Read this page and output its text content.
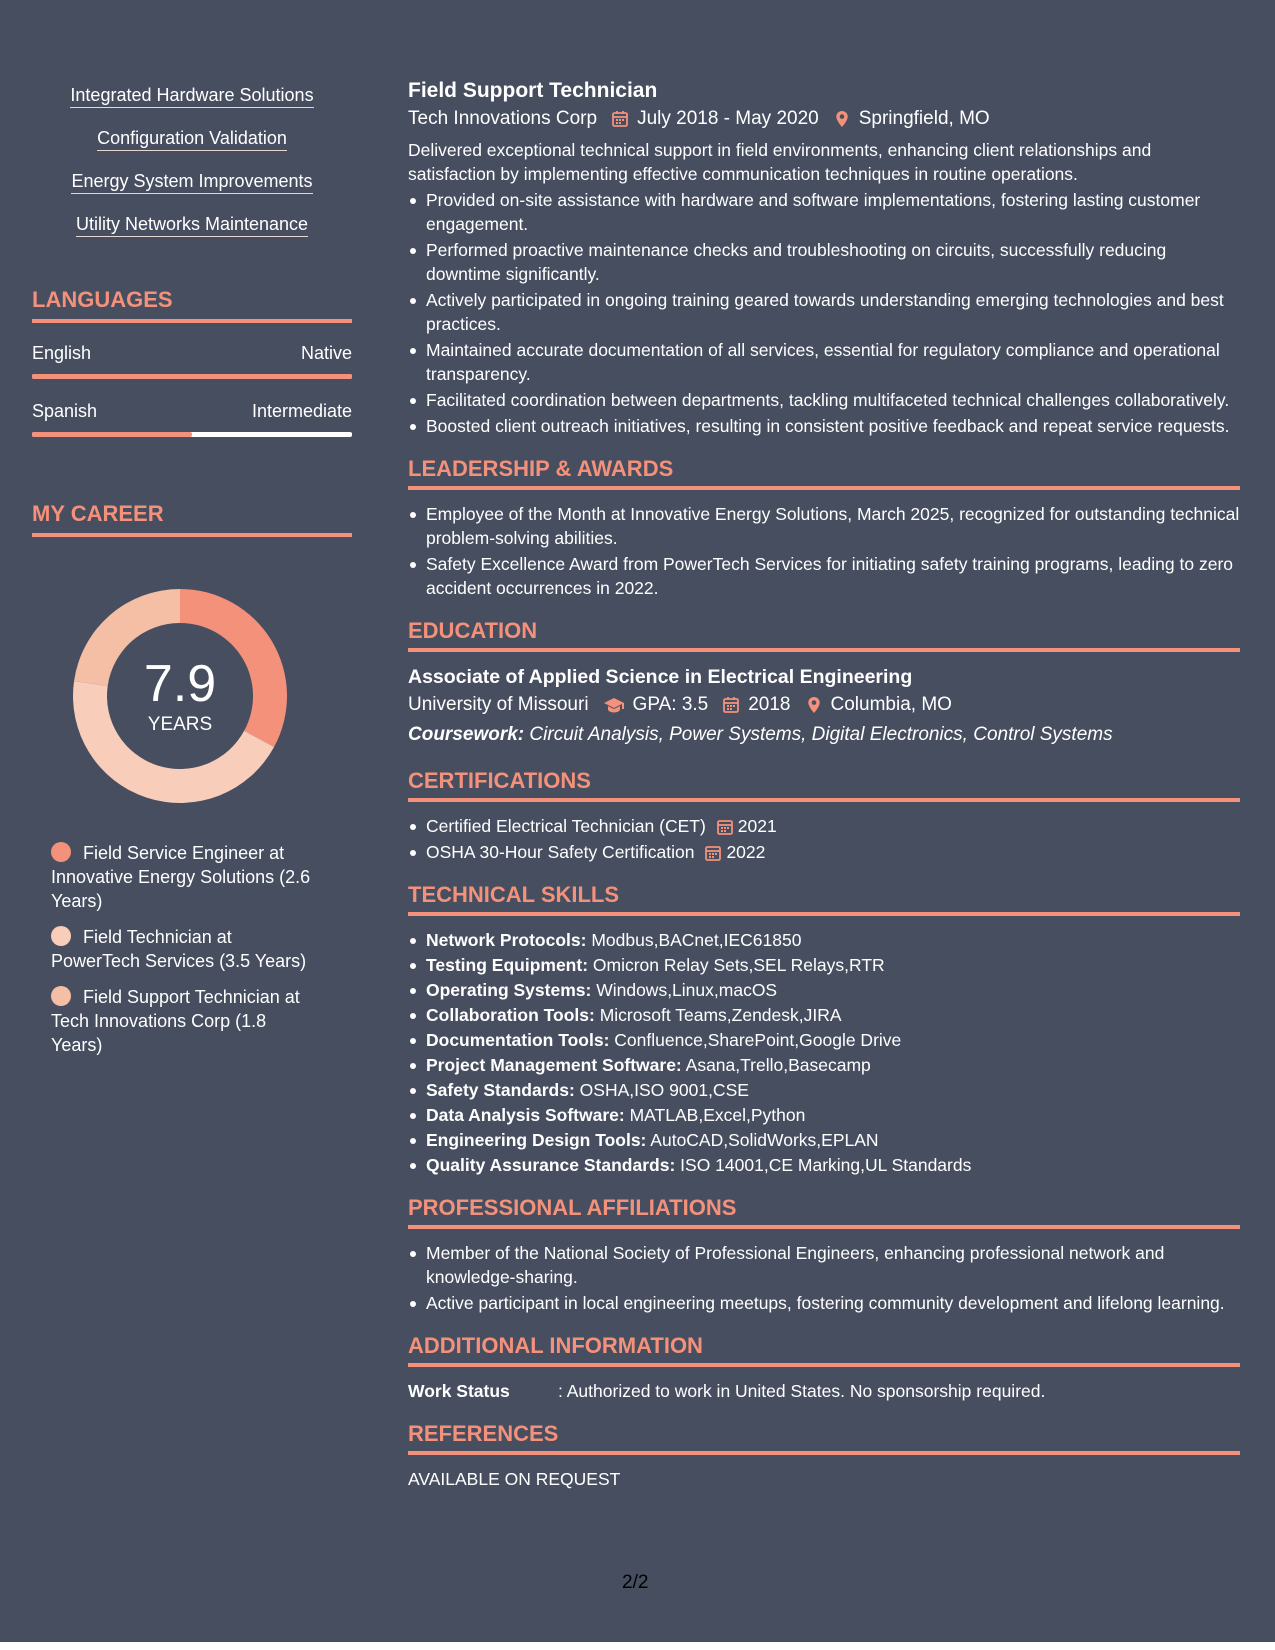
Integrated Hardware Solutions
Configuration Validation
Energy System Improvements
Utility Networks Maintenance
LANGUAGES
English	Native
Spanish	Intermediate
MY CAREER
7.9
YEARS
Field Service Engineer at Innovative Energy Solutions (2.6 Years)
Field Technician at PowerTech Services (3.5 Years)
Field Support Technician at Tech Innovations Corp (1.8 Years)
Field Support Technician
Tech Innovations Corp July 2018 - May 2020 Springfield, MO
Delivered exceptional technical support in field environments, enhancing client relationships and satisfaction by implementing effective communication techniques in routine operations.
Provided on-site assistance with hardware and software implementations, fostering lasting customer engagement.
Performed proactive maintenance checks and troubleshooting on circuits, successfully reducing downtime significantly.
Actively participated in ongoing training geared towards understanding emerging technologies and best practices.
Maintained accurate documentation of all services, essential for regulatory compliance and operational transparency.
Facilitated coordination between departments, tackling multifaceted technical challenges collaboratively.
Boosted client outreach initiatives, resulting in consistent positive feedback and repeat service requests.
LEADERSHIP & AWARDS
Employee of the Month at Innovative Energy Solutions, March 2025, recognized for outstanding technical problem-solving abilities.
Safety Excellence Award from PowerTech Services for initiating safety training programs, leading to zero accident occurrences in 2022.
EDUCATION
Associate of Applied Science in Electrical Engineering
University of Missouri GPA: 3.5 2018 Columbia, MO
Coursework: Circuit Analysis, Power Systems, Digital Electronics, Control Systems
CERTIFICATIONS
Certified Electrical Technician (CET) 2021
OSHA 30-Hour Safety Certification 2022
TECHNICAL SKILLS
Network Protocols: Modbus,BACnet,IEC61850
Testing Equipment: Omicron Relay Sets,SEL Relays,RTR
Operating Systems: Windows,Linux,macOS
Collaboration Tools: Microsoft Teams,Zendesk,JIRA
Documentation Tools: Confluence,SharePoint,Google Drive
Project Management Software: Asana,Trello,Basecamp
Safety Standards: OSHA,ISO 9001,CSE
Data Analysis Software: MATLAB,Excel,Python
Engineering Design Tools: AutoCAD,SolidWorks,EPLAN
Quality Assurance Standards: ISO 14001,CE Marking,UL Standards
PROFESSIONAL AFFILIATIONS
Member of the National Society of Professional Engineers, enhancing professional network and knowledge-sharing.
Active participant in local engineering meetups, fostering community development and lifelong learning.
ADDITIONAL INFORMATION
Work Status	: Authorized to work in United States. No sponsorship required.
REFERENCES
AVAILABLE ON REQUEST
2/2
